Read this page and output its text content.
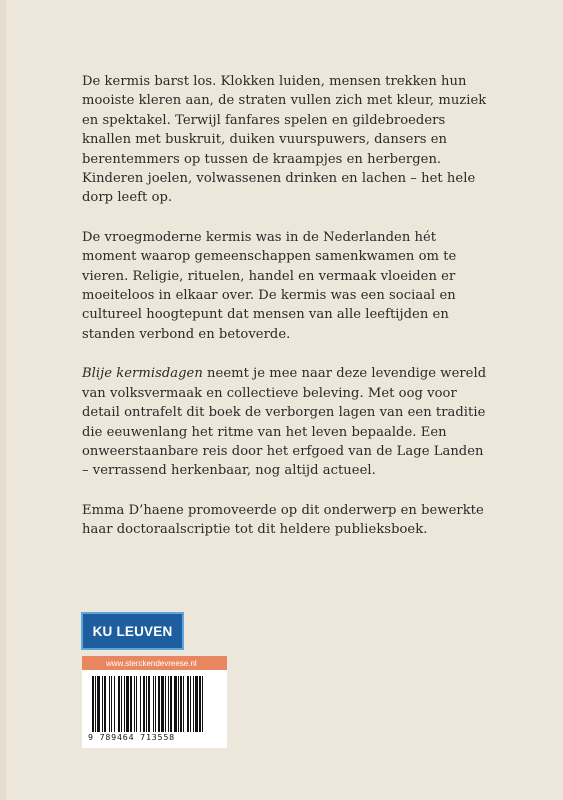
De kermis barst los. Klokken luiden, mensen trekken hun mooiste kleren aan, de straten vullen zich met kleur, muziek en spektakel. Terwijl fanfares spelen en gildebroeders knallen met buskruit, duiken vuurspuwers, dansers en berentemmers op tussen de kraampjes en herbergen. Kinderen joelen, volwassenen drinken en lachen – het hele dorp leeft op.

De vroegmoderne kermis was in de Nederlanden hét moment waarop gemeenschappen samenkwamen om te vieren. Religie, rituelen, handel en vermaak vloeiden er moeiteloos in elkaar over. De kermis was een sociaal en cultureel hoogtepunt dat mensen van alle leeftijden en standen verbond en betoverde.

Blije kermisdagen neemt je mee naar deze levendige wereld van volksvermaak en collectieve beleving. Met oog voor detail ontrafelt dit boek de verborgen lagen van een traditie die eeuwenlang het ritme van het leven bepaalde. Een onweerstaanbare reis door het erfgoed van de Lage Landen – verrassend herkenbaar, nog altijd actueel.

Emma D’haene promoveerde op dit onderwerp en bewerkte haar doctoraalscriptie tot dit heldere publieksboek.

KU LEUVEN
www.sterckendevreese.nl
9 789464 713558
